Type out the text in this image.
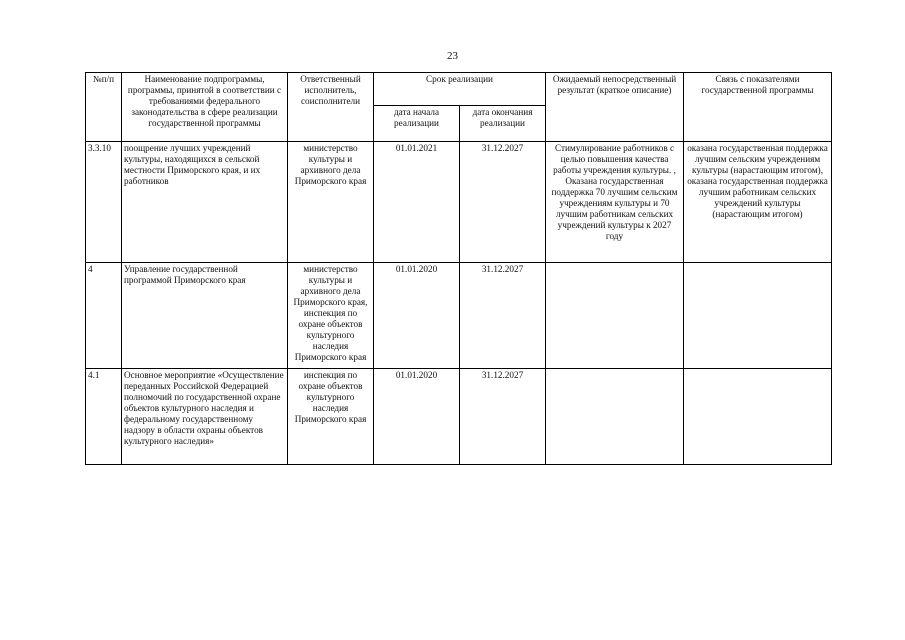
23
№п/п	Наименование подпрограммы, программы, принятой в соответствии с требованиями федерального законодательства в сфере реализации государственной программы	Ответственный исполнитель, соисполнители	Срок реализации		Ожидаемый непосредственный результат (краткое описание)	Связь с показателями государственной программы
			дата начала реализации	дата окончания реализации		
3.3.10	поощрение лучших учреждений культуры, находящихся в сельской местности Приморского края, и их работников	министерство культуры и архивного дела Приморского края	01.01.2021	31.12.2027	Стимулирование работников с целью повышения качества работы учреждения культуры. , Оказана государственная поддержка 70 лучшим сельским учреждениям культуры и 70 лучшим работникам сельских учреждений культуры к 2027 году	оказана государственная поддержка лучшим сельским учреждениям культуры (нарастающим итогом), оказана государственная поддержка лучшим работникам сельских учреждений культуры (нарастающим итогом)
4	Управление государственной программой Приморского края	министерство культуры и архивного дела Приморского края, инспекция по охране объектов культурного наследия Приморского края	01.01.2020	31.12.2027		
4.1	Основное мероприятие «Осуществление переданных Российской Федерацией полномочий по государственной охране объектов культурного наследия и федеральному государственному надзору в области охраны объектов культурного наследия»	инспекция по охране объектов культурного наследия Приморского края	01.01.2020	31.12.2027		
